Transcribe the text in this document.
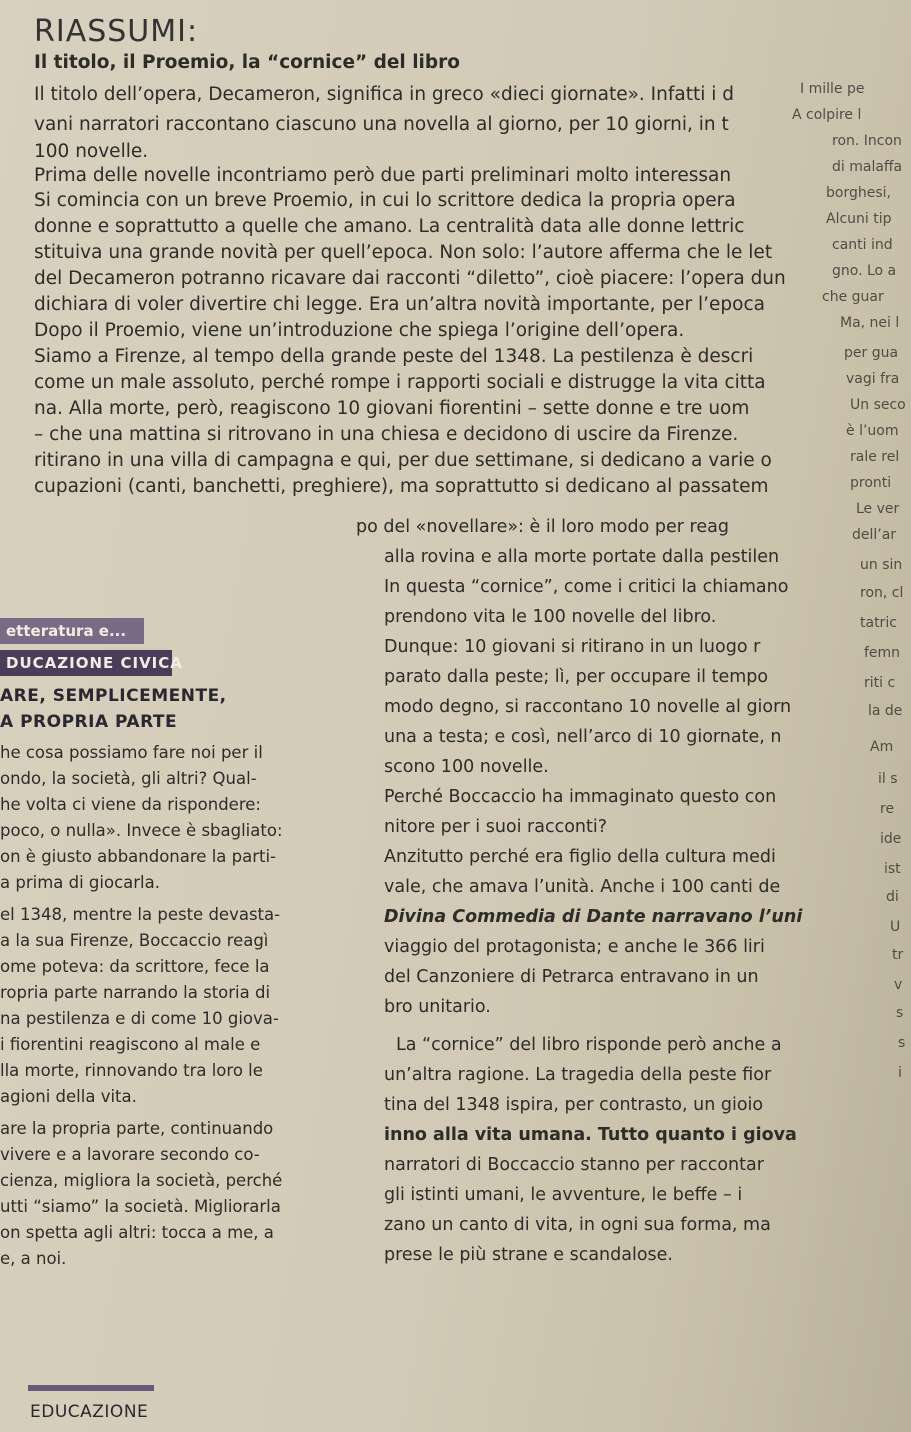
RIASSUMI:
Il titolo, il Proemio, la “cornice” del libro
Il titolo dell’opera, Decameron, significa in greco «dieci giornate». Infatti i d
vani narratori raccontano ciascuno una novella al giorno, per 10 giorni, in t
100 novelle.
Prima delle novelle incontriamo però due parti preliminari molto interessan
Si comincia con un breve Proemio, in cui lo scrittore dedica la propria opera
donne e soprattutto a quelle che amano. La centralità data alle donne lettric
stituiva una grande novità per quell’epoca. Non solo: l’autore afferma che le let
del Decameron potranno ricavare dai racconti “diletto”, cioè piacere: l’opera dun
dichiara di voler divertire chi legge. Era un’altra novità importante, per l’epoca
Dopo il Proemio, viene un’introduzione che spiega l’origine dell’opera.
Siamo a Firenze, al tempo della grande peste del 1348. La pestilenza è descri
come un male assoluto, perché rompe i rapporti sociali e distrugge la vita citta
na. Alla morte, però, reagiscono 10 giovani fiorentini – sette donne e tre uom
– che una mattina si ritrovano in una chiesa e decidono di uscire da Firenze.
ritirano in una villa di campagna e qui, per due settimane, si dedicano a varie o
cupazioni (canti, banchetti, preghiere), ma soprattutto si dedicano al passatem
po del «novellare»: è il loro modo per reag
alla rovina e alla morte portate dalla pestilen
In questa “cornice”, come i critici la chiamano
prendono vita le 100 novelle del libro.
Dunque: 10 giovani si ritirano in un luogo r
parato dalla peste; lì, per occupare il tempo
modo degno, si raccontano 10 novelle al giorn
una a testa; e così, nell’arco di 10 giornate, n
scono 100 novelle.
Perché Boccaccio ha immaginato questo con
nitore per i suoi racconti?
Anzitutto perché era figlio della cultura medi
vale, che amava l’unità. Anche i 100 canti de
Divina Commedia di Dante narravano l’uni
viaggio del protagonista; e anche le 366 liri
del Canzoniere di Petrarca entravano in un
bro unitario.
La “cornice” del libro risponde però anche a
un’altra ragione. La tragedia della peste fior
tina del 1348 ispira, per contrasto, un gioio
inno alla vita umana. Tutto quanto i giova
narratori di Boccaccio stanno per raccontar
gli istinti umani, le avventure, le beffe – i
zano un canto di vita, in ogni sua forma, ma
prese le più strane e scandalose.
etteratura e...
DUCAZIONE CIVICA
ARE, SEMPLICEMENTE,
A PROPRIA PARTE
he cosa possiamo fare noi per il
ondo, la società, gli altri? Qual-
he volta ci viene da rispondere:
poco, o nulla». Invece è sbagliato:
on è giusto abbandonare la parti-
a prima di giocarla.
el 1348, mentre la peste devasta-
a la sua Firenze, Boccaccio reagì
ome poteva: da scrittore, fece la
ropria parte narrando la storia di
na pestilenza e di come 10 giova-
i fiorentini reagiscono al male e
lla morte, rinnovando tra loro le
agioni della vita.
are la propria parte, continuando
vivere e a lavorare secondo co-
cienza, migliora la società, perché
utti “siamo” la società. Migliorarla
on spetta agli altri: tocca a me, a
e, a noi.
I mille pe
A colpire l
ron. Incon
di malaffa
borghesi,
Alcuni tip
canti ind
gno. Lo a
che guar
Ma, nei l
per gua
vagi fra
Un seco
è l’uom
rale rel
pronti
Le ver
dell’ar
un sin
ron, cl
tatric
femn
riti c
la de
Am
il s
re
ide
ist
di
U
tr
v
s
s
i
EDUCAZIONE
